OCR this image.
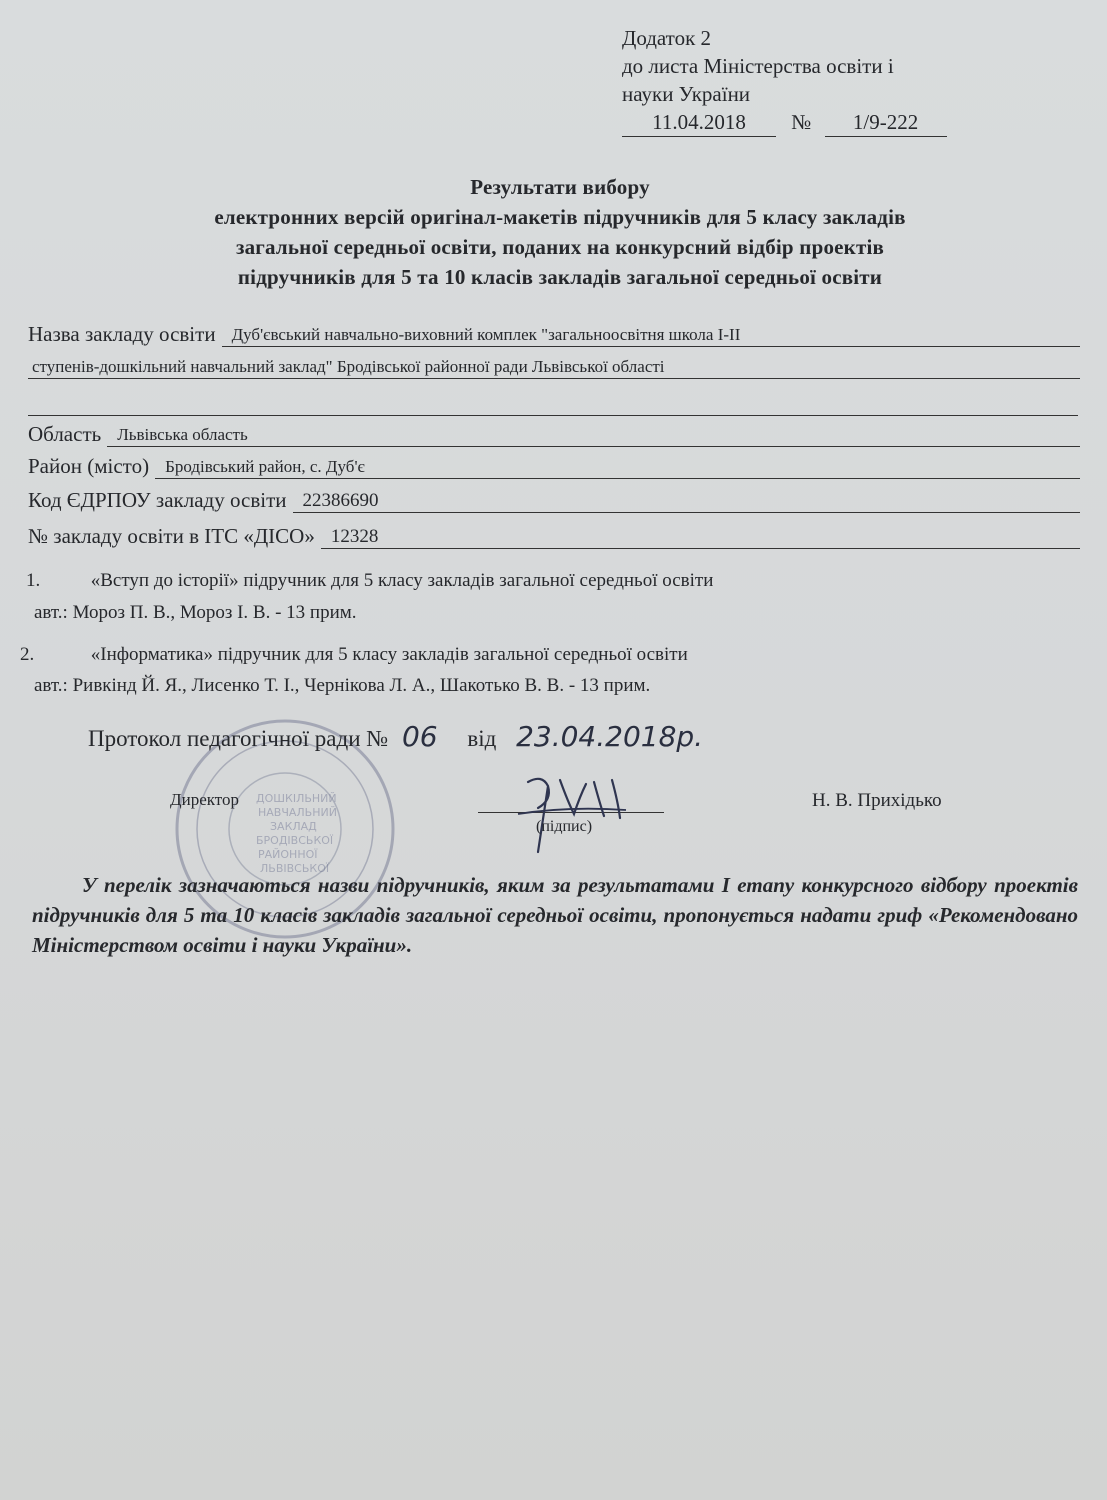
Додаток 2
до листа Міністерства освіти і
науки України
11.04.2018 № 1/9-222
Результати вибору
електронних версій оригінал-макетів підручників для 5 класу закладів
загальної середньої освіти, поданих на конкурсний відбір проектів
підручників для 5 та 10 класів закладів загальної середньої освіти
Назва закладу освіти Дуб'євський навчально-виховний комплек "загальноосвітня школа І-ІІ
ступенів-дошкільний навчальний заклад" Бродівської районної ради Львівської області
Область Львівська область
Район (місто) Бродівський район, с. Дуб'є
Код ЄДРПОУ закладу освіти 22386690
№ закладу освіти в ІТС «ДІСО» 12328
1.	«Вступ до історії» підручник для 5 класу закладів загальної середньої освіти
авт.: Мороз П. В., Мороз І. В. - 13 прим.
2.	«Інформатика» підручник для 5 класу закладів загальної середньої освіти
авт.: Ривкінд Й. Я., Лисенко Т. І., Чернікова Л. А., Шакотько В. В. - 13 прим.
ДОШКІЛЬНИЙ
НАВЧАЛЬНИЙ
ЗАКЛАД
БРОДІВСЬКОЇ
РАЙОННОЇ
ЛЬВІВСЬКОЇ
Протокол педагогічної ради № 06 від 23.04.2018р.
Директор
(підпис)
Н. В. Прихідько
У перелік зазначаються назви підручників, яким за результатами І етапу конкурсного відбору проектів підручників для 5 та 10 класів закладів загальної середньої освіти, пропонується надати гриф «Рекомендовано Міністерством освіти і науки України».
